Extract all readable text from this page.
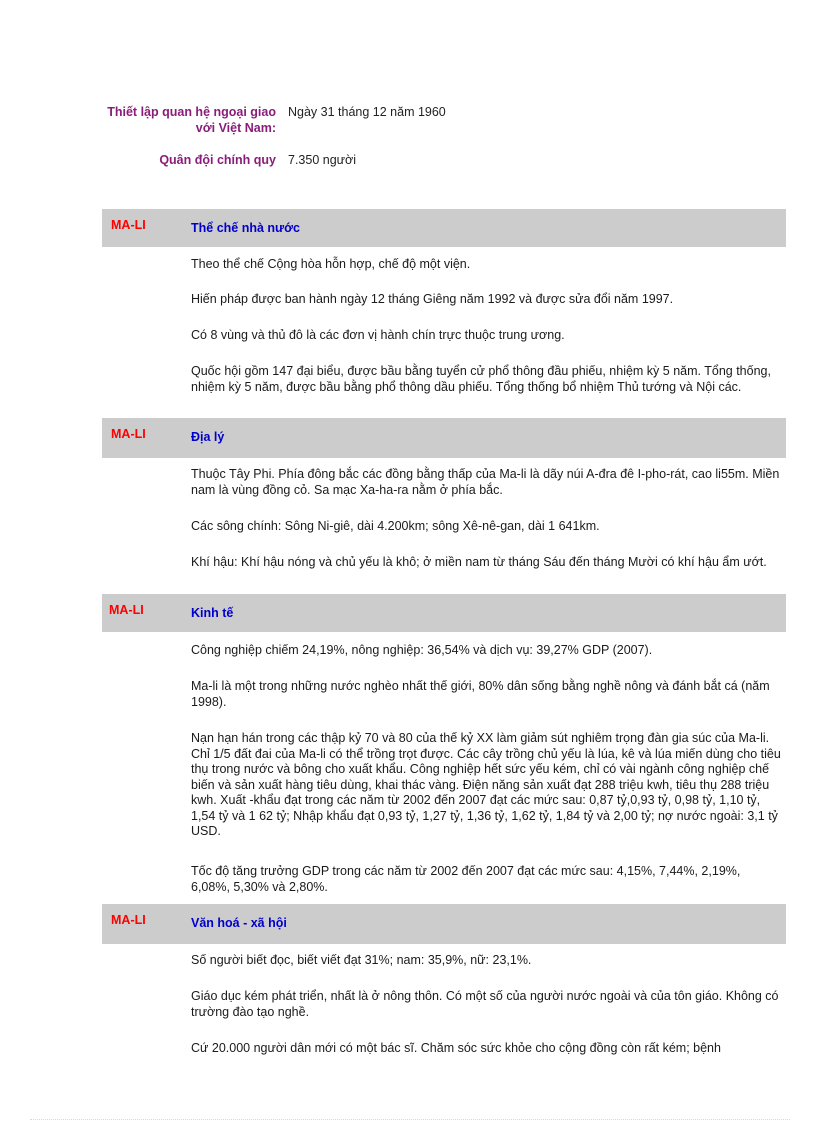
Thiết lập quan hệ ngoại giao với Việt Nam:
Ngày 31 tháng 12 năm 1960
Quân đội chính quy 7.350 người
MA-LI	Thể chế nhà nước
Theo thể chế Cộng hòa hỗn hợp, chế độ một viện.
Hiến pháp được ban hành ngày 12 tháng Giêng năm 1992 và được sửa đổi năm 1997.
Có 8 vùng và thủ đô là các đơn vị hành chín trực thuộc trung ương.
Quốc hội gồm 147 đại biểu, được bầu bằng tuyển cử phổ thông đầu phiếu, nhiệm kỳ 5 năm. Tổng thống, nhiệm kỳ 5 năm, được bầu bằng phổ thông dầu phiếu. Tổng thống bổ nhiệm Thủ tướng và Nội các.
MA-LI	Địa lý
Thuộc Tây Phi. Phía đông bắc các đồng bằng thấp của Ma-li là dãy núi A-đra đê I-pho-rát, cao li55m. Miền nam là vùng đồng cỏ. Sa mạc Xa-ha-ra nằm ở phía bắc.
Các sông chính: Sông Ni-giê, dài 4.200km; sông Xê-nê-gan, dài 1 641km.
Khí hậu: Khí hậu nóng và chủ yếu là khô; ở miền nam từ tháng Sáu đến tháng Mười có khí hậu ẩm ướt.
MA-LI	Kinh tế
Công nghiệp chiếm 24,19%, nông nghiệp: 36,54% và dịch vụ: 39,27% GDP (2007).
Ma-li là một trong những nước nghèo nhất thế giới, 80% dân sống bằng nghề nông và đánh bắt cá (năm 1998).
Nạn hạn hán trong các thập kỷ 70 và 80 của thế kỷ XX làm giảm sút nghiêm trọng đàn gia súc của Ma-li. Chỉ 1/5 đất đai của Ma-li có thể trồng trọt được. Các cây trồng chủ yếu là lúa, kê và lúa miến dùng cho tiêu thụ trong nước và bông cho xuất khẩu. Công nghiệp hết sức yếu kém, chỉ có vài ngành công nghiệp chế biến và sản xuất hàng tiêu dùng, khai thác vàng. Điện năng sản xuất đạt 288 triệu kwh, tiêu thụ 288 triệu kwh. Xuất -khẩu đạt trong các năm từ 2002 đến 2007 đạt các mức sau: 0,87 tỷ,0,93 tỷ, 0,98 tỷ, 1,10 tỷ, 1,54 tỷ và 1 62 tỷ; Nhập khẩu đạt 0,93 tỷ, 1,27 tỷ, 1,36 tỷ, 1,62 tỷ, 1,84 tỷ và 2,00 tỷ; nợ nước ngoài: 3,1 tỷ USD.
Tốc độ tăng trưởng GDP trong các năm từ 2002 đến 2007 đạt các mức sau: 4,15%, 7,44%, 2,19%, 6,08%, 5,30% và 2,80%.
MA-LI	Văn hoá - xã hội
Số người biết đọc, biết viết đạt 31%; nam: 35,9%, nữ: 23,1%.
Giáo dục kém phát triển, nhất là ở nông thôn. Có một số của người nước ngoài và của tôn giáo. Không có trường đào tạo nghề.
Cứ 20.000 người dân mới có một bác sĩ. Chăm sóc sức khỏe cho cộng đồng còn rất kém; bệnh
